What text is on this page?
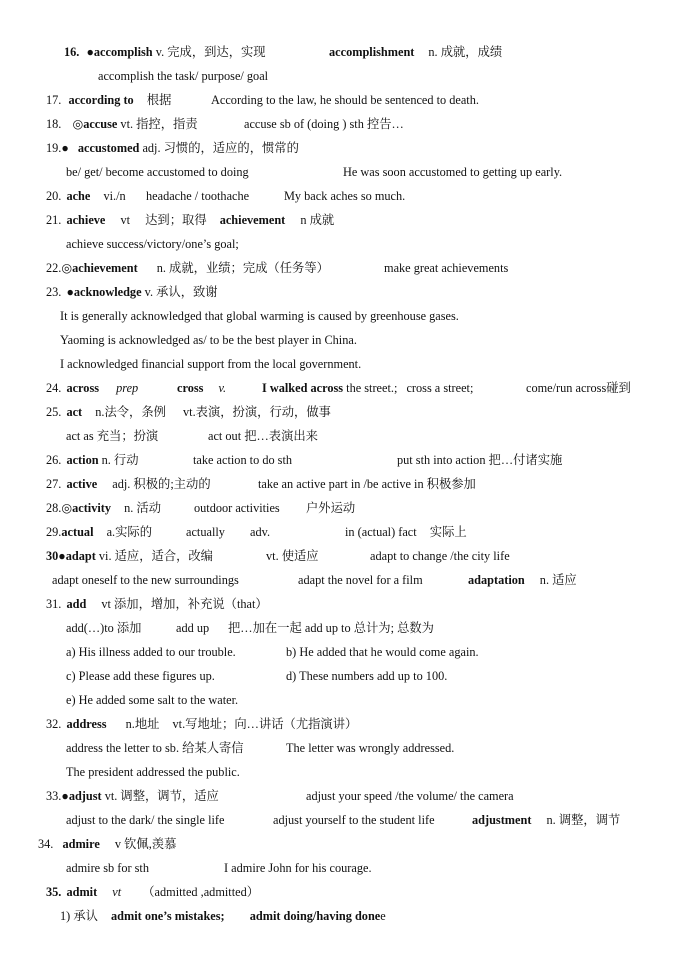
16. ●accomplish v. 完成，到达，实现	accomplishment n. 成就，成绩
accomplish the task/ purpose/ goal
17. according to 根据	According to the law, he should be sentenced to death.
18. ◎accuse vt. 指控，指责	accuse sb of (doing ) sth 控告…
19.● accustomed adj. 习惯的，适应的，惯常的
be/ get/ become accustomed to doing	He was soon accustomed to getting up early.
20. ache vi./n headache / toothache	My back aches so much.
21. achieve vt 达到；取得 achievement n 成就
achieve success/victory/one’s goal;
22.◎achievement n. 成就，业绩；完成（任务等）	make great achievements
23. ●acknowledge v. 承认，致谢
It is generally acknowledged that global warming is caused by greenhouse gases.
Yaoming is acknowledged as/ to be the best player in China.
I acknowledged financial support from the local government.
24. across prep	cross v.	I walked across the street.; cross a street;	come/run across碰到
25. act n.法令，条例 vt.表演，扮演，行动，做事
act as 充当；扮演	act out 把…表演出来
26. action n. 行动	take action to do sth	put sth into action 把…付诸实施
27. active adj. 积极的;主动的	take an active part in /be active in 积极参加
28.◎activity n. 活动	outdoor activities 户外运动
29.actual a.实际的	actually adv.	in (actual) fact 实际上
30●adapt vi. 适应，适合，改编	vt. 使适应	adapt to change /the city life
adapt oneself to the new surroundings	adapt the novel for a film	adaptation n. 适应
31. add vt 添加，增加，补充说（that）
add(…)to 添加	add up 把…加在一起 add up to 总计为; 总数为
a) His illness added to our trouble.	b) He added that he would come again.
c) Please add these figures up.	d) These numbers add up to 100.
e) He added some salt to the water.
32. address n.地址 vt.写地址；向…讲话（尤指演讲）
address the letter to sb. 给某人寄信	The letter was wrongly addressed.
The president addressed the public.
33.●adjust vt. 调整，调节，适应	adjust your speed /the volume/ the camera
adjust to the dark/ the single life	adjust yourself to the student life	adjustment n. 调整，调节
34. admire v 钦佩,羡慕
admire sb for sth	I admire John for his courage.
35. admit vt （admitted ,admitted）
1) 承认 admit one’s mistakes; admit doing/having donee
